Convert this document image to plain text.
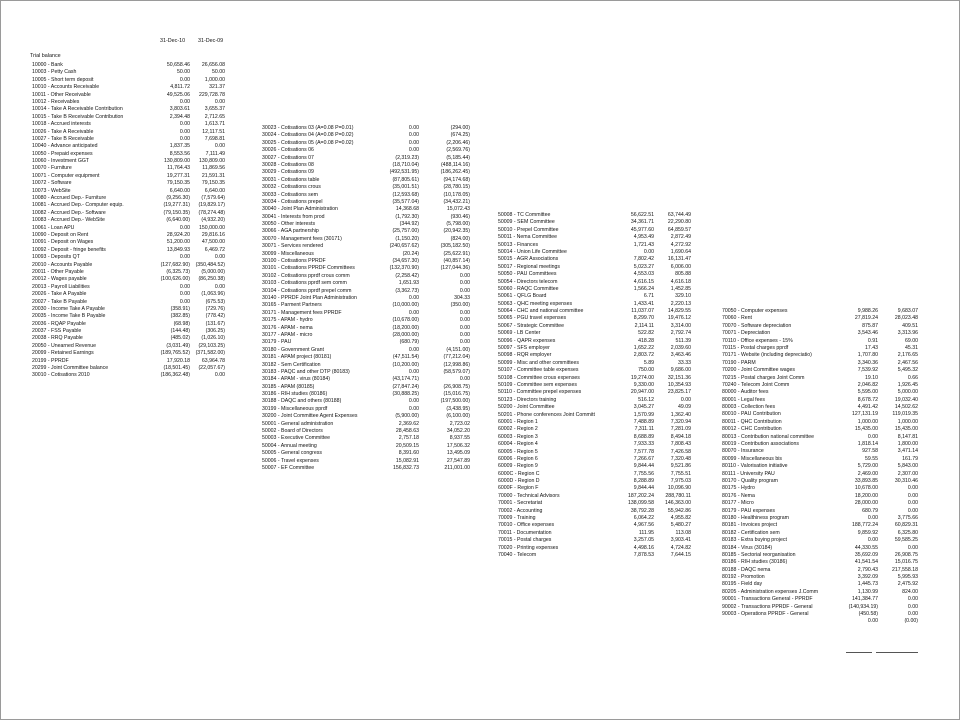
31-Dec-10 31-Dec-09
Trial balance
10000 - Bank	50,658.46 26,656.08
10003 - Petty Cash	50.00	50.00
10005 - Short term deposit	0.00	1,000.00
10010 - Accounts Receivable	4,811.72	321.37
10011 - Other Receivable	49,525.06 229,728.78
10012 - Receivables	0.00	0.00
10014 - Take A Receivable Contribution	3,803.61	3,655.37
10015 - Take B Receivable Contribution	2,394.48	2,712.65
10018 - Accrued interests	0.00	1,613.71
10026 - Take A Receivable	0.00 12,117.51
10027 - Take B Receivable	0.00	7,698.81
10040 - Advance anticipated	1,837.35	0.00
10050 - Prepaid expenses	8,553.56	7,111.49
10060 - Investment GGT	130,809.00 130,809.00
10070 - Furniture	11,764.43 11,869.56
10071 - Computer equipment	19,277.31 21,591.31
10072 - Software	79,150.35 79,150.35
10073 - WebSite	6,640.00	6,640.00
10080 - Accrued Dep.- Furniture	(9,256.30) (7,579.64)
10081 - Accrued Dep.- Computer equip.	(19,277.31) (19,829.17)
10082 - Accrued Dep.- Software	(79,150.35) (78,274.48)
10083 - Accrued Dep.- WebSite	(6,640.00) (4,932.20)
10061 - Loan APU	0.00 150,000.00
10090 - Deposit on Rent	28,924.20 29,816.16
10091 - Deposit on Wages	51,200.00 47,500.00
10092 - Deposit - fringe benefits	13,849.93	6,469.72
10093 - Deposits QT	0.00	0.00
20010 - Accounts Payable	(127,682.90) (350,484.52)
20011 - Other Payable	(6,325.73) (5,000.00)
20012 - Wages payable	(100,626.00) (86,250.38)
20013 - Payroll Liabilities	0.00	0.00
20026 - Take A Payable	0.00 (1,063.96)
20027 - Take B Payable	0.00	(675.53)
20030 - Income Take A Payable	(358.91)	(729.76)
20035 - Income Take B Payable	(382.85)	(778.42)
20036 - RQAP Payable	(68.98)	(131.67)
20037 - FSS Payable	(144.48)	(306.25)
20038 - RRQ Payable	(485.02) (1,026.10)
20050 - Unearned Revenue	(3,031.49) (29,103.25)
20099 - Retained Earnings	(189,765.52) (371,582.00)
20199 - PPRDF	17,920.18 63,964.78
20299 - Joint Committee balance	(18,501.45) (22,057.67)
30010 - Cotisations 2010	(186,362.48)	0.00
30023 - Cotisations 03 (A=0.08 P=0.01)	0.00	(294.00)
30024 - Cotisations 04 (A=0.08 P=0.02)	0.00	(674.25)
30025 - Cotisations 05 (A=0.08 P=0.02)	0.00	(2,206.46)
30026 - Cotisations 06	0.00	(2,569.76)
30027 - Cotisations 07	(2,319.23)	(5,185.44)
30028 - Cotisations 08	(18,710.04)	(488,114.16)
30029 - Cotisations 09	(492,531.95)	(186,262.45)
30031 - Cotisations table	(87,805.61)	(94,174.68)
30032 - Cotisations crous	(35,001.51)	(28,780.15)
30033 - Cotisations sem	(12,593.68)	(10,178.05)
30034 - Cotisations prepel	(35,577.04)	(34,432.21)
30040 - Joint Plan Administration	14,368.68	15,072.43
30041 - Interests from prod	(1,792.30)	(930.46)
30050 - Other interests	(344.92)	(5,798.00)
30066 - AGA partnership	(25,757.00)	(20,942.35)
30070 - Management fees (30171)	(1,150.20)	(824.00)
30071 - Services rendered	(240,657.62)	(305,182.50)
30099 - Miscellaneous	(20.24)	(25,622.91)
30100 - Cotisations PPRDF	(34,657.30)	(40,857.14)
30101 - Cotisations PPRDF Committees	(132,370.90)	(127,044.36)
30102 - Cotisations pprdf crous comm	(2,258.42)	0.00
30103 - Cotisations pprdf sem comm	1,651.93	0.00
30104 - Cotisations pprdf prepel comm	(3,362.73)	0.00
30140 - PPRDF Joint Plan Administration	0.00	304.33
30165 - Parment Partners	(10,000.00)	(350.00)
30171 - Management fees PPRDF	0.00	0.00
30175 - APAM - hydro	(10,678.00)	0.00
30176 - APAM - nema	(18,200.00)	0.00
30177 - APAM - micro	(28,000.00)	0.00
30179 - PAU	(680.79)	0.00
30180 - Government Grant	0.00	(4,151.00)
30181 - APAM project (80181)	(47,511.54)	(77,212.04)
30182 - Sem Certification	(10,200.00)	(12,998.86)
30183 - PAQC and other DTP (80183)	0.00	(58,579.07)
30184 - APAM - virus (80184)	(43,174.71)	0.00
30185 - APAM (80185)	(27,847.24)	(26,908.75)
30186 - RIH studies (80186)	(30,888.25)	(15,016.75)
30188 - DAQC and others (80188)	0.00	(197,500.00)
30199 - Miscellaneous pprdf	0.00	(3,438.95)
30200 - Joint Committee Agent Expenses	(5,900.00)	(6,100.00)
50001 - General administration	2,369.62	2,723.02
50002 - Board of Directors	28,458.63	34,052.20
50003 - Executive Committee	2,757.18	8,937.55
50004 - Annual meeting	20,509.15	17,506.32
50005 - General congress	8,391.60	13,495.09
50006 - Travel expenses	15,082.91	27,547.89
50007 - EF Committee	156,832.73	211,001.00
50008 - TC Committee	56,622.51	63,744.49
50009 - SEM Committee	34,361.71	22,290.80
50010 - Prepel Committee	45,977.60	64,859.57
50011 - Nema Committee	4,953.49	2,872.49
50013 - Finances	1,721.43	4,272.92
50014 - Union Life Committee	0.00	1,690.64
50015 - AGR Associations	7,802.42	16,131.47
50017 - Regional meetings	5,023.27	6,006.00
50050 - PAU Committees	4,553.03	805.88
50054 - Directors telecom	4,616.15	4,616.18
50060 - RAQC Committee	1,566.24	1,452.85
50061 - QFLG Board	6.71	329.10
50063 - QHC meeting expenses	1,433.41	2,220.13
50064 - CHC and national committee	11,037.07	14,829.55
50065 - PGU travel expenses	8,299.70	19,476.12
50067 - Strategic Committee	2,114.11	3,314.00
50069 - LB Center	522.82	2,792.74
50096 - QAPR expenses	418.28	511.39
50097 - SFS employer	1,652.22	2,039.60
50098 - RQR employer	2,803.72	3,463.46
50099 - Misc and other committees	5.89	33.33
50107 - Committee table expenses	750.00	9,686.00
50108 - Committee crous expenses	19,274.00	32,151.36
50109 - Committee sem expenses	9,330.00	10,354.93
50110 - Committee prepel expenses	20,947.00	23,825.17
50123 - Directors training	516.12	0.00
50200 - Joint Committee	3,045.27	49.09
50201 - Phone conferences Joint Committ	1,570.99	1,362.40
60001 - Region 1	7,488.89	7,320.94
60002 - Region 2	7,311.11	7,281.09
60003 - Region 3	8,688.89	8,494.18
60004 - Region 4	7,933.33	7,808.43
60005 - Region 5	7,577.78	7,426.58
60006 - Region 6	7,266.67	7,320.48
60009 - Region 9	9,844.44	9,521.86
6000C - Region C	7,755.56	7,755.51
6000D - Region D	8,288.89	7,975.03
6000F - Region F	9,844.44	10,096.90
70000 - Technical Advisors	187,202.24 288,780.11
70001 - Secretariat	138,099.58 146,363.00
70002 - Accounting	38,792.28	55,942.86
70009 - Training	6,064.22	4,955.82
70010 - Office expenses	4,967.56	5,480.27
70011 - Documentation	111.95	113.08
70015 - Postal charges	3,257.05	3,903.41
70020 - Printing expenses	4,498.16	4,724.82
70040 - Telecom	7,878.53	7,644.15
70050 - Computer expenses	9,988.26	9,683.07
70060 - Rent	27,819.24	28,023.48
70070 - Software depreciation	875.87	409.51
70071 - Depreciation	3,543.46	3,313.96
70110 - Office expenses - 15%	0.91	69.00
70115 - Postal charges pprdf	17.43	45.31
70171 - Website (including depreciatio)	1,707.80	2,176.65
70190 - PARM	3,340.36	2,467.56
70200 - Joint Committee wages	7,539.92	5,495.32
70215 - Postal charges Joint Comm	19.10	0.66
70240 - Telecom Joint Comm	2,046.82	1,926.45
80000 - Auditor fees	5,595.00	5,000.00
80001 - Legal fees	8,678.72	19,032.40
80003 - Collection fees	4,491.42	14,502.62
80010 - PAU Contribution	127,131.19	119,019.35
80011 - QHC Contribution	1,000.00	1,000.00
80012 - CHC Contribution	15,435.00	15,435.00
80013 - Contribution national committee	0.00	8,147.81
80019 - Contribution associations	1,818.14	1,800.00
80070 - Insurance	927.58	3,471.14
80099 - Miscellaneous bis	59.55	161.79
80110 - Valorisation initiative	5,729.00	5,843.00
80111 - University PAU	2,469.00	2,307.00
80170 - Quality program	33,893.85	30,310.46
80175 - Hydro	10,678.00	0.00
80176 - Nema	18,200.00	0.00
80177 - Micro	28,000.00	0.00
80179 - PAU expenses	680.79	0.00
80180 - Healthiness program	0.00	3,775.66
80181 - Invoices project	188,772.24	60,829.31
80182 - Certification sem	9,859.92	6,325.80
80183 - Extra buying project	0.00	59,585.25
80184 - Virus (30184)	44,330.55	0.00
80185 - Sectorial reorganisation	35,692.09	26,908.75
80186 - RIH studies (30186)	41,541.54	15,016.75
80188 - DAQC nema	2,790.43	217,558.18
80192 - Promotion	3,392.09	5,995.93
80195 - Field day	1,445.73	2,475.92
80205 - Administration expenses J.Comm	1,130.99	824.00
90001 - Transactions General - PPRDF	141,384.77	0.00
90002 - Transactions PPRDF - General	(140,934.19)	0.00
90003 - Operations PPRDF - General	(450.58)	0.00
0.00	(0.00)
